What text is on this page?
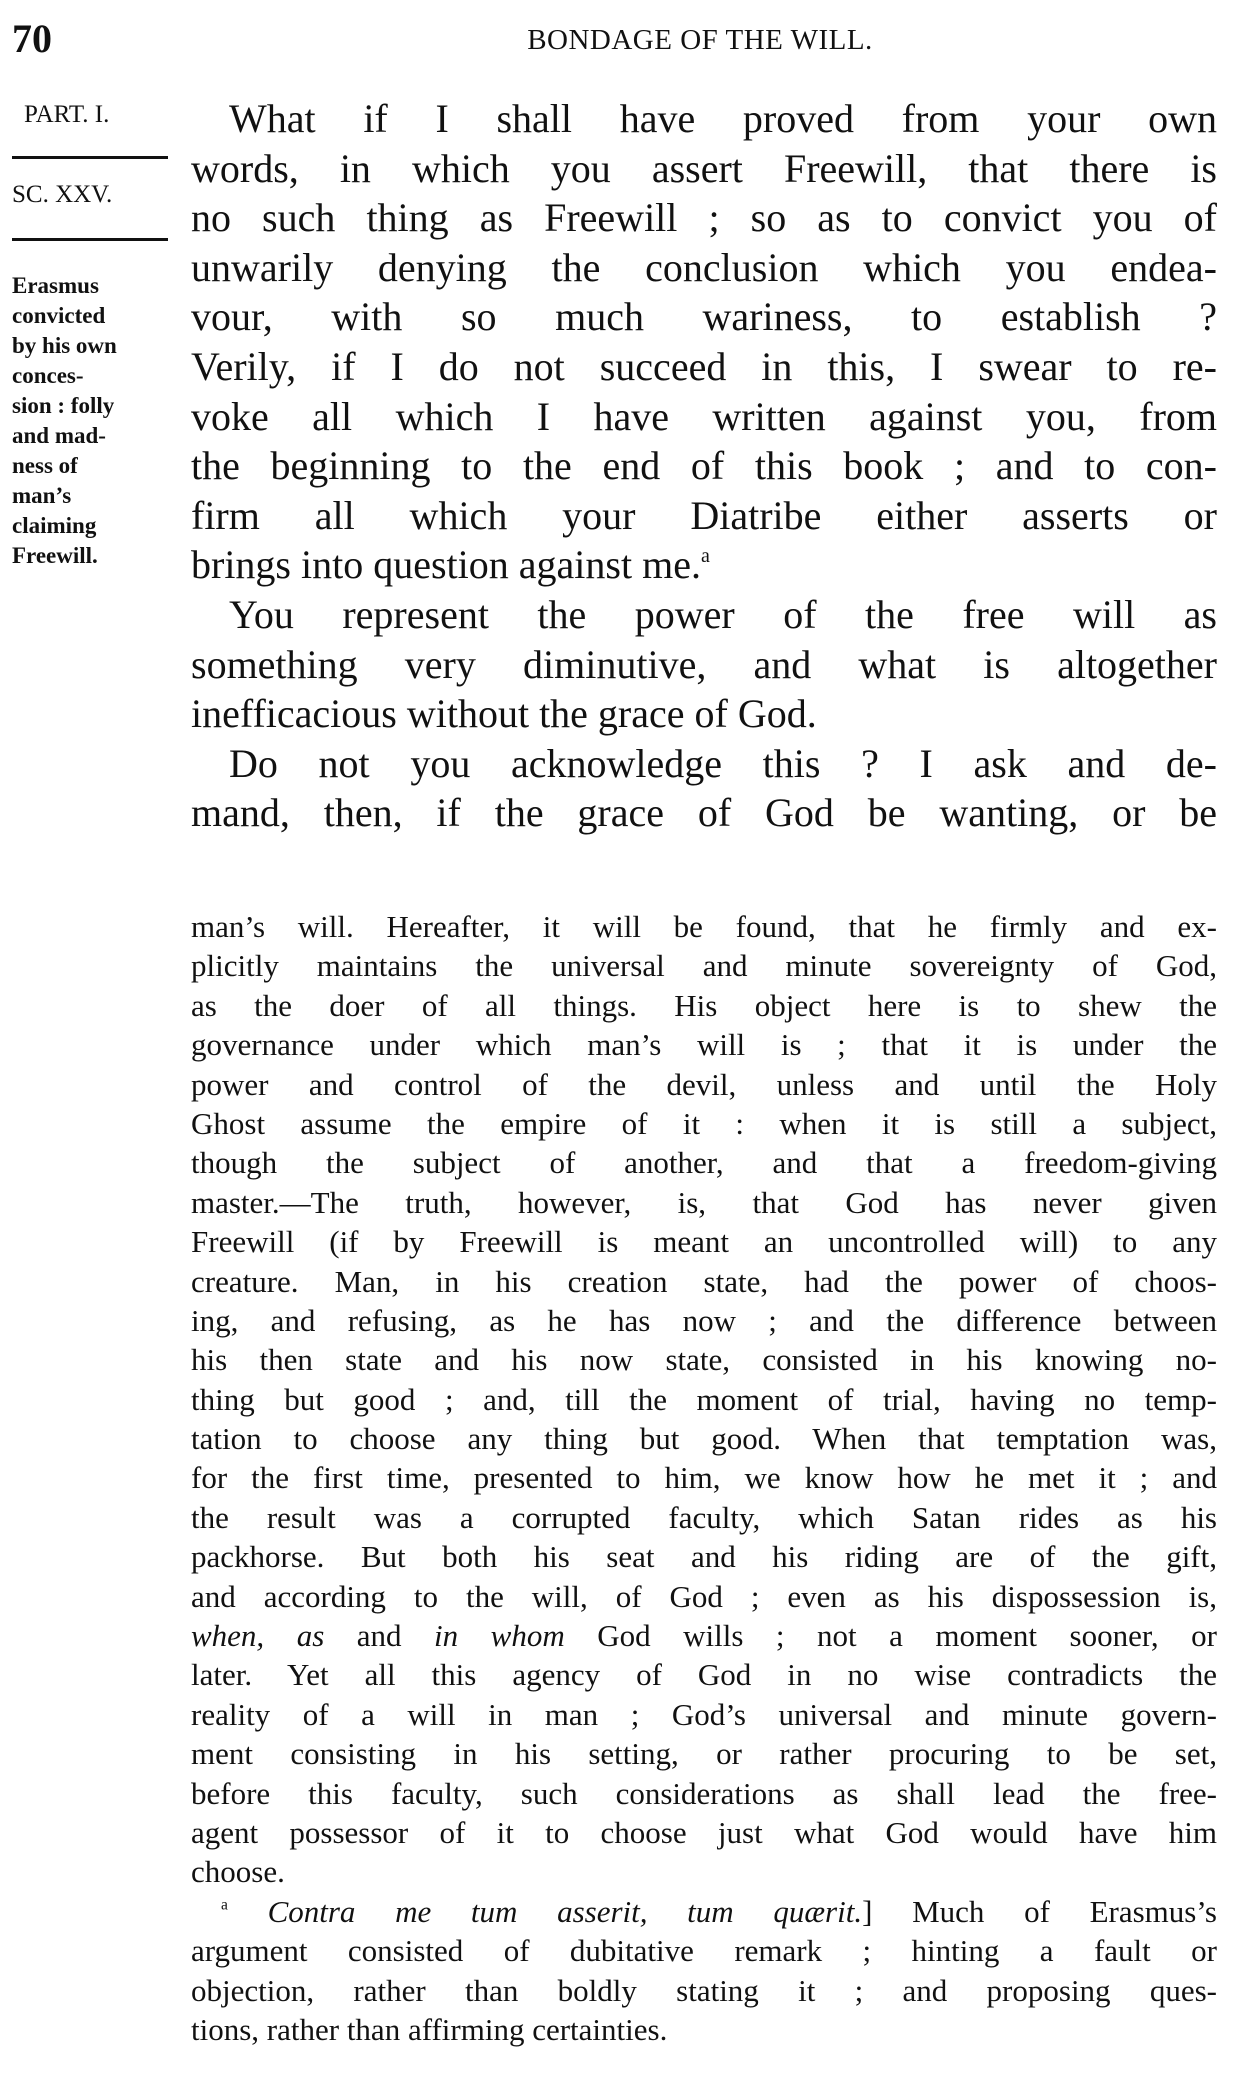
70	BONDAGE OF THE WILL.
PART. I.
SC. XXV.
Erasmus
convicted
by his own
conces-
sion : folly
and mad-
ness of
man’s
claiming
Freewill.
What if I shall have proved from your own
words, in which you assert Freewill, that there is
no such thing as Freewill ; so as to convict you of
unwarily denying the conclusion which you endea-
vour, with so much wariness, to establish ?
Verily, if I do not succeed in this, I swear to re-
voke all which I have written against you, from
the beginning to the end of this book ; and to con-
firm all which your Diatribe either asserts or
brings into question against me.$^a$
You represent the power of the free will as
something very diminutive, and what is altogether
inefficacious without the grace of God.
Do not you acknowledge this ? I ask and de-
mand, then, if the grace of God be wanting, or be
man’s will. Hereafter, it will be found, that he firmly and ex-
plicitly maintains the universal and minute sovereignty of God,
as the doer of all things. His object here is to shew the
governance under which man’s will is ; that it is under the
power and control of the devil, unless and until the Holy
Ghost assume the empire of it : when it is still a subject,
though the subject of another, and that a freedom-giving
master.—The truth, however, is, that God has never given
Freewill (if by Freewill is meant an uncontrolled will) to any
creature. Man, in his creation state, had the power of choos-
ing, and refusing, as he has now ; and the difference between
his then state and his now state, consisted in his knowing no-
thing but good ; and, till the moment of trial, having no temp-
tation to choose any thing but good. When that temptation was,
for the first time, presented to him, we know how he met it ; and
the result was a corrupted faculty, which Satan rides as his
packhorse. But both his seat and his riding are of the gift,
and according to the will, of God ; even as his dispossession is,
when, as and in whom God wills ; not a moment sooner, or
later. Yet all this agency of God in no wise contradicts the
reality of a will in man ; God’s universal and minute govern-
ment consisting in his setting, or rather procuring to be set,
before this faculty, such considerations as shall lead the free-
agent possessor of it to choose just what God would have him
choose.
$^a$ Contra me tum asserit, tum quærit.] Much of Erasmus’s
argument consisted of dubitative remark ; hinting a fault or
objection, rather than boldly stating it ; and proposing ques-
tions, rather than affirming certainties.
